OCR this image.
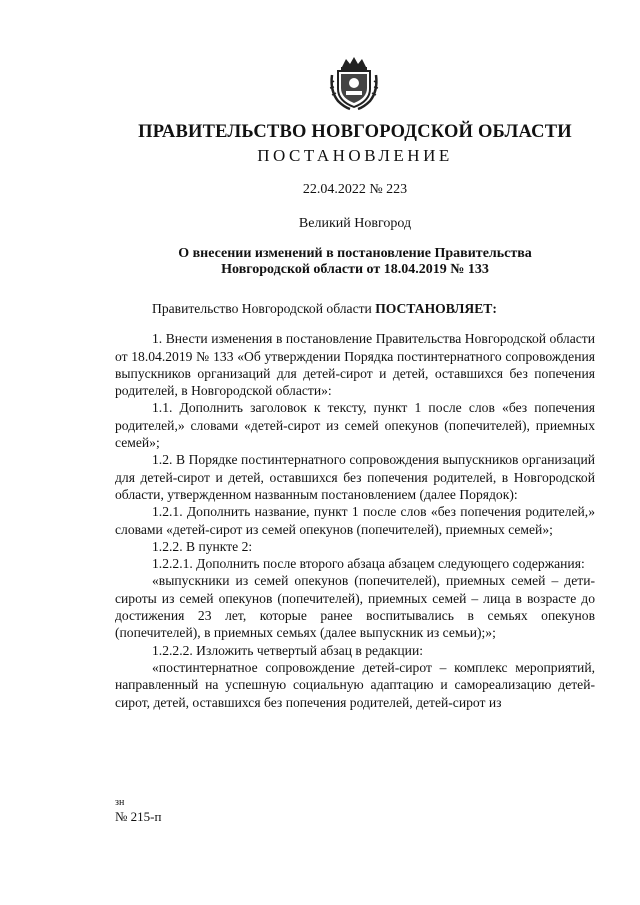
ПРАВИТЕЛЬСТВО НОВГОРОДСКОЙ ОБЛАСТИ
ПОСТАНОВЛЕНИЕ
22.04.2022 № 223
Великий Новгород
О внесении изменений в постановление Правительства
Новгородской области от 18.04.2019 № 133

Правительство Новгородской области ПОСТАНОВЛЯЕТ:

1. Внести изменения в постановление Правительства Новгородской области от 18.04.2019 № 133 «Об утверждении Порядка постинтернатного сопровождения выпускников организаций для детей-сирот и детей, оставшихся без попечения родителей, в Новгородской области»:

1.1. Дополнить заголовок к тексту, пункт 1 после слов «без попечения родителей,» словами «детей-сирот из семей опекунов (попечителей), приемных семей»;

1.2. В Порядке постинтернатного сопровождения выпускников организаций для детей-сирот и детей, оставшихся без попечения родителей, в Новгородской области, утвержденном названным постановлением (далее Порядок):

1.2.1. Дополнить название, пункт 1 после слов «без попечения родителей,» словами «детей-сирот из семей опекунов (попечителей), приемных семей»;

1.2.2. В пункте 2:

1.2.2.1. Дополнить после второго абзаца абзацем следующего содержания:

«выпускники из семей опекунов (попечителей), приемных семей – дети-сироты из семей опекунов (попечителей), приемных семей – лица в возрасте до достижения 23 лет, которые ранее воспитывались в семьях опекунов (попечителей), в приемных семьях (далее выпускник из семьи);»;

1.2.2.2. Изложить четвертый абзац в редакции:

«постинтернатное сопровождение детей-сирот – комплекс мероприятий, направленный на успешную социальную адаптацию и самореализацию детей-сирот, детей, оставшихся без попечения родителей, детей-сирот из

зн
№ 215-п
